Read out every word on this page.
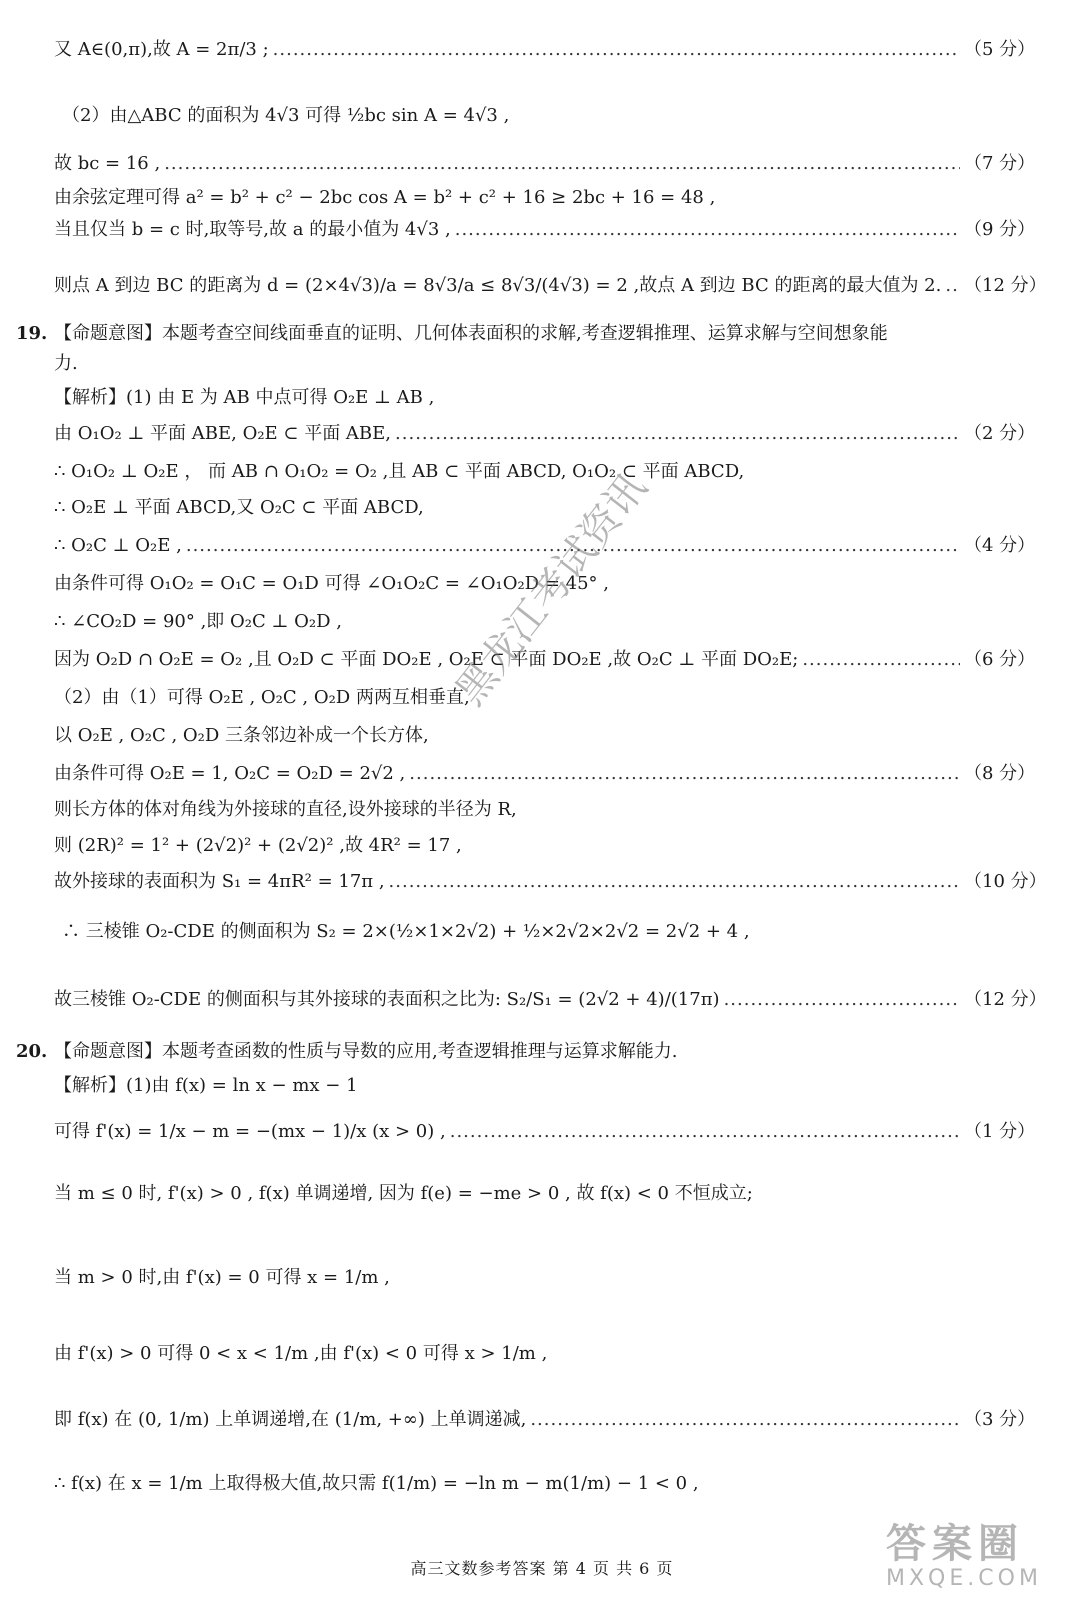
又 A∈(0,π),故 A = 2π/3 ; .....	（5 分）
（2）由△ABC 的面积为 4√3 可得 ½bc sin A = 4√3 ,
故 bc = 16 , .....	（7 分）
由余弦定理可得 a² = b² + c² − 2bc cos A = b² + c² + 16 ≥ 2bc + 16 = 48 ,
当且仅当 b = c 时,取等号,故 a 的最小值为 4√3 , .....	（9 分）
则点 A 到边 BC 的距离为 d = (2×4√3)/a = 8√3/a ≤ 8√3/(4√3) = 2 ,故点 A 到边 BC 的距离的最大值为 2. ..... （12 分）
【解析】(1) 由 E 为 AB 中点可得 O₂E ⊥ AB ,
由 O₁O₂ ⊥ 平面 ABE, O₂E ⊂ 平面 ABE, .....	（2 分）
∴ O₁O₂ ⊥ O₂E ， 而 AB ∩ O₁O₂ = O₂ ,且 AB ⊂ 平面 ABCD, O₁O₂ ⊂ 平面 ABCD,
∴ O₂E ⊥ 平面 ABCD,又 O₂C ⊂ 平面 ABCD,
∴ O₂C ⊥ O₂E , .....	（4 分）
由条件可得 O₁O₂ = O₁C = O₁D 可得 ∠O₁O₂C = ∠O₁O₂D = 45° ,
∴ ∠CO₂D = 90° ,即 O₂C ⊥ O₂D ,
因为 O₂D ∩ O₂E = O₂ ,且 O₂D ⊂ 平面 DO₂E , O₂E ⊂ 平面 DO₂E ,故 O₂C ⊥ 平面 DO₂E; .....	（6 分）
（2）由（1）可得 O₂E , O₂C , O₂D 两两互相垂直,
以 O₂E , O₂C , O₂D 三条邻边补成一个长方体,
由条件可得 O₂E = 1, O₂C = O₂D = 2√2 , .....	（8 分）
则长方体的体对角线为外接球的直径,设外接球的半径为 R,
则 (2R)² = 1² + (2√2)² + (2√2)² ,故 4R² = 17 ,
故外接球的表面积为 S₁ = 4πR² = 17π , .....	（10 分）
∴ 三棱锥 O₂-CDE 的侧面积为 S₂ = 2×(½×1×2√2) + ½×2√2×2√2 = 2√2 + 4 ,
故三棱锥 O₂-CDE 的侧面积与其外接球的表面积之比为: S₂/S₁ = (2√2 + 4)/(17π) .....	（12 分）
【解析】(1)由 f(x) = ln x − mx − 1
可得 f'(x) = 1/x − m = −(mx − 1)/x (x > 0) , .....	（1 分）
当 m ≤ 0 时, f'(x) > 0 , f(x) 单调递增, 因为 f(e) = −me > 0 , 故 f(x) < 0 不恒成立;
当 m > 0 时,由 f'(x) = 0 可得 x = 1/m ,
由 f'(x) > 0 可得 0 < x < 1/m ,由 f'(x) < 0 可得 x > 1/m ,
即 f(x) 在 (0, 1/m) 上单调递增,在 (1/m, +∞) 上单调递减, .....	（3 分）
∴ f(x) 在 x = 1/m 上取得极大值,故只需 f(1/m) = −ln m − m(1/m) − 1 < 0 ,
19. 【命题意图】本题考查空间线面垂直的证明、几何体表面积的求解,考查逻辑推理、运算求解与空间想象能
力.
20. 【命题意图】本题考查函数的性质与导数的应用,考查逻辑推理与运算求解能力.
黑龙江考试资讯
高三文数参考答案 第 4 页 共 6 页
答案圈
MXQE.COM
